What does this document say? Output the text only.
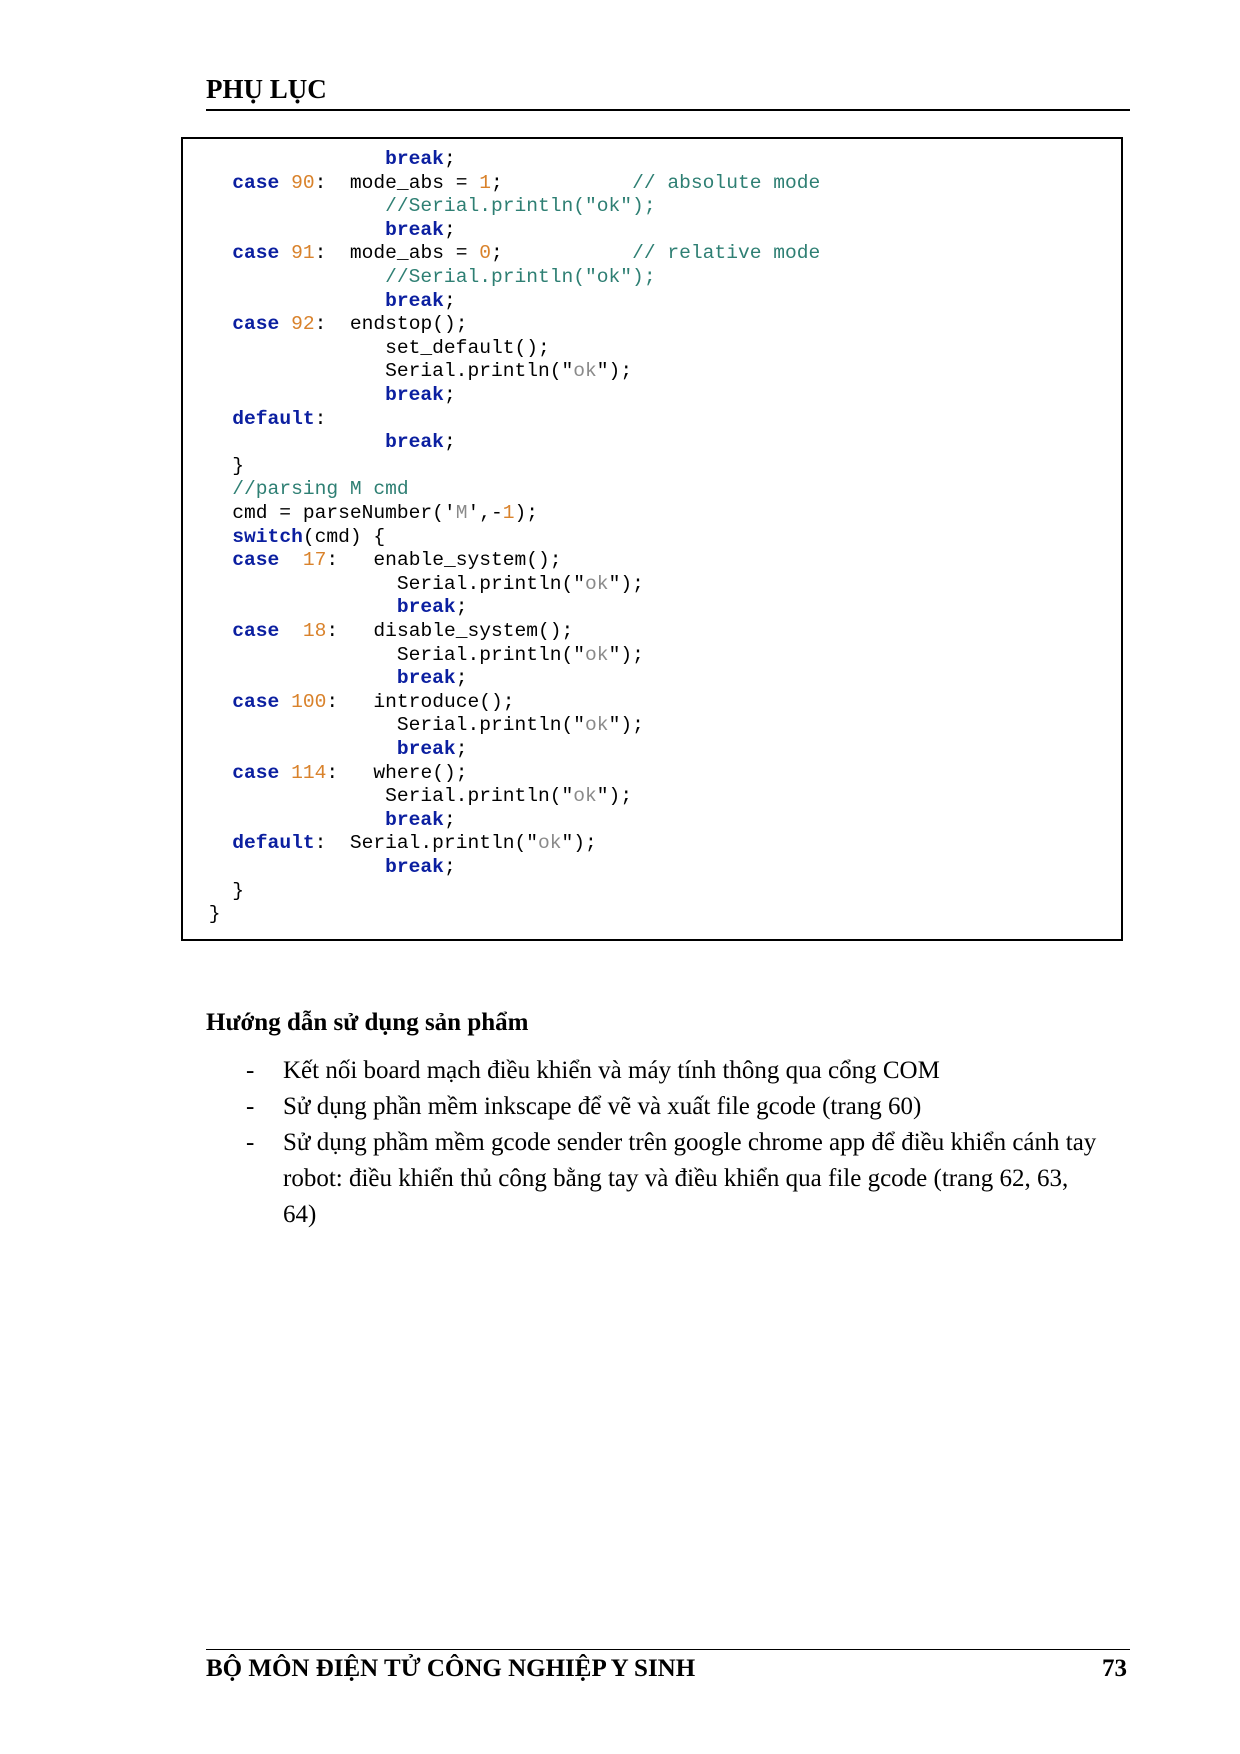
PHỤ LỤC
break;
case 90:  mode_abs = 1;           // absolute mode
//Serial.println("ok");
break;
case 91:  mode_abs = 0;           // relative mode
//Serial.println("ok");
break;
case 92:  endstop();
set_default();
Serial.println("ok");
break;
default:
break;
}
//parsing M cmd
cmd = parseNumber('M',-1);
switch(cmd) {
case 17:   enable_system();
Serial.println("ok");
break;
case 18:   disable_system();
Serial.println("ok");
break;
case 100:   introduce();
Serial.println("ok");
break;
case 114:   where();
Serial.println("ok");
break;
default:  Serial.println("ok");
break;
}
}
Hướng dẫn sử dụng sản phẩm
- Kết nối board mạch điều khiển và máy tính thông qua cổng COM
- Sử dụng phần mềm inkscape để vẽ và xuất file gcode (trang 60)
- Sử dụng phầm mềm gcode sender trên google chrome app để điều khiển cánh tay robot: điều khiển thủ công bằng tay và điều khiển qua file gcode (trang 62, 63, 64)
BỘ MÔN ĐIỆN TỬ CÔNG NGHIỆP Y SINH	73
